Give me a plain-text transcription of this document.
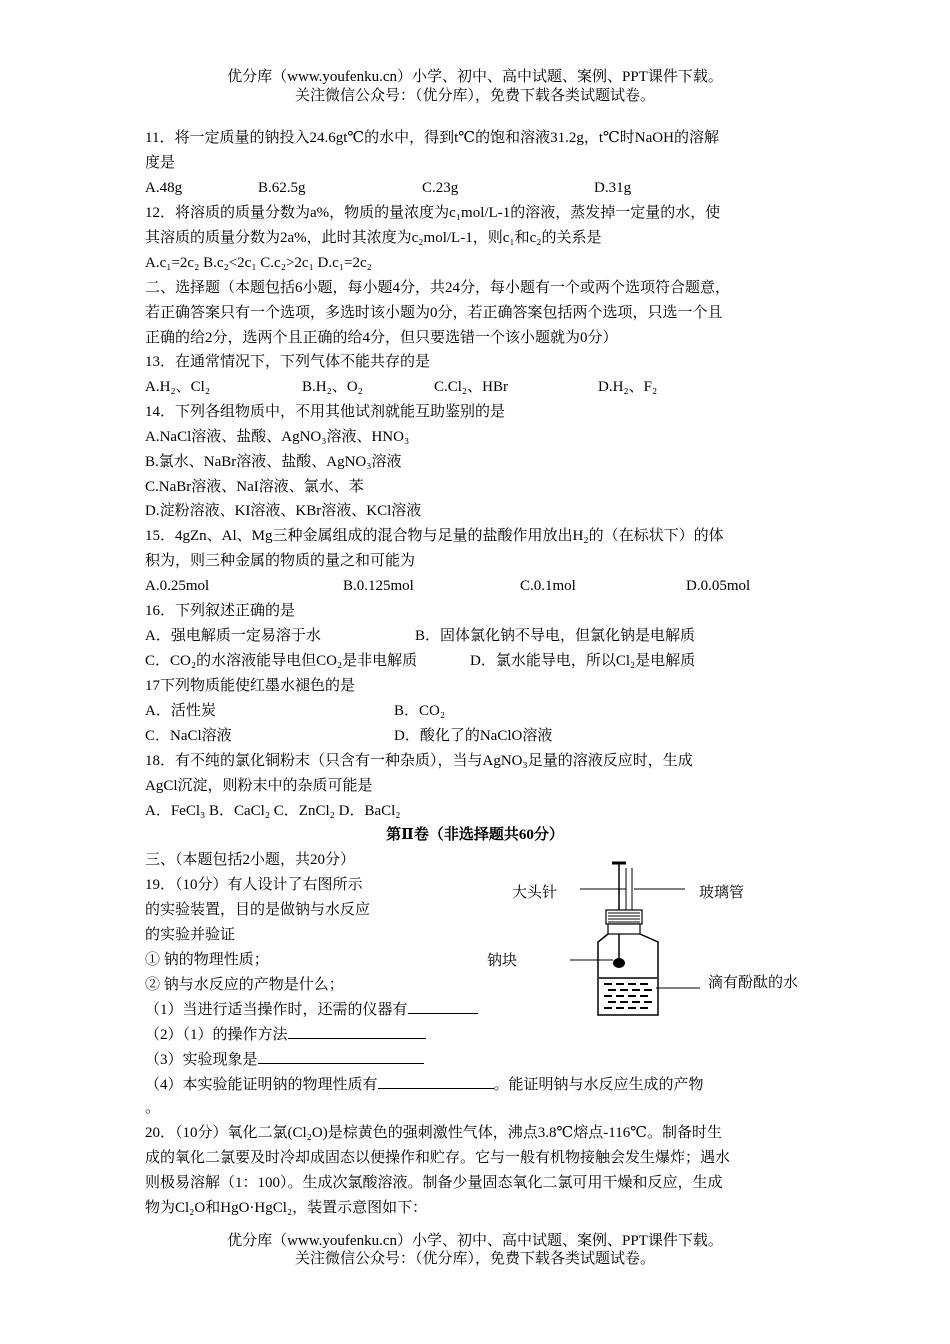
优分库（www.youfenku.cn）小学、初中、高中试题、案例、PPT课件下载。
关注微信公众号：（优分库），免费下载各类试题试卷。
11．将一定质量的钠投入24.6gt℃的水中，得到t℃的饱和溶液31.2g，t℃时NaOH的溶解
度是
A.48g	B.62.5g	C.23g	D.31g
12．将溶质的质量分数为a%，物质的量浓度为c₁mol/L-1的溶液，蒸发掉一定量的水，使
其溶质的质量分数为2a%，此时其浓度为c₂mol/L-1，则c₁和c₂的关系是
A.c₁=2c₂ B.c₂<2c₁ C.c₂>2c₁ D.c₁=2c₂
二、选择题（本题包括6小题，每小题4分，共24分，每小题有一个或两个选项符合题意，
若正确答案只有一个选项，多选时该小题为0分，若正确答案包括两个选项，只选一个且
正确的给2分，选两个且正确的给4分，但只要选错一个该小题就为0分）
13．在通常情况下，下列气体不能共存的是
A.H₂、Cl₂	B.H₂、O₂	C.Cl₂、HBr	D.H₂、F₂
14．下列各组物质中，不用其他试剂就能互助鉴别的是
A.NaCl溶液、盐酸、AgNO₃溶液、HNO₃
B.氯水、NaBr溶液、盐酸、AgNO₃溶液
C.NaBr溶液、NaI溶液、氯水、苯
D.淀粉溶液、KI溶液、KBr溶液、KCl溶液
15．4gZn、Al、Mg三种金属组成的混合物与足量的盐酸作用放出H₂的（在标状下）的体
积为，则三种金属的物质的量之和可能为
A.0.25mol	B.0.125mol	C.0.1mol	D.0.05mol
16．下列叙述正确的是
A．强电解质一定易溶于水	B．固体氯化钠不导电，但氯化钠是电解质
C．CO₂的水溶液能导电但CO₂是非电解质	D．氯水能导电，所以Cl₂是电解质
17下列物质能使红墨水褪色的是
A．活性炭	B．CO₂
C．NaCl溶液	D．酸化了的NaClO溶液
18．有不纯的氯化铜粉末（只含有一种杂质），当与AgNO₃足量的溶液反应时，生成
AgCl沉淀，则粉末中的杂质可能是
A．FeCl₃ B．CaCl₂ C．ZnCl₂ D．BaCl₂
第Ⅱ卷（非选择题共60分）
三、（本题包括2小题，共20分）
19．（10分）有人设计了右图所示
的实验装置，目的是做钠与水反应
的实验并验证
① 钠的物理性质；
② 钠与水反应的产物是什么；
（1）当进行适当操作时，还需的仪器有
（2）（1）的操作方法
（3）实验现象是
（4）本实验能证明钠的物理性质有	。能证明钠与水反应生成的产物
。
大头针	玻璃管
钠块
滴有酚酞的水
20．（10分）氧化二氯(Cl₂O)是棕黄色的强刺激性气体，沸点3.8℃熔点-116℃。制备时生
成的氧化二氯要及时冷却成固态以便操作和贮存。它与一般有机物接触会发生爆炸；遇水
则极易溶解（1：100）。生成次氯酸溶液。制备少量固态氧化二氯可用干燥和反应，生成
物为Cl₂O和HgO·HgCl₂，装置示意图如下：
优分库（www.youfenku.cn）小学、初中、高中试题、案例、PPT课件下载。
关注微信公众号：（优分库），免费下载各类试题试卷。
